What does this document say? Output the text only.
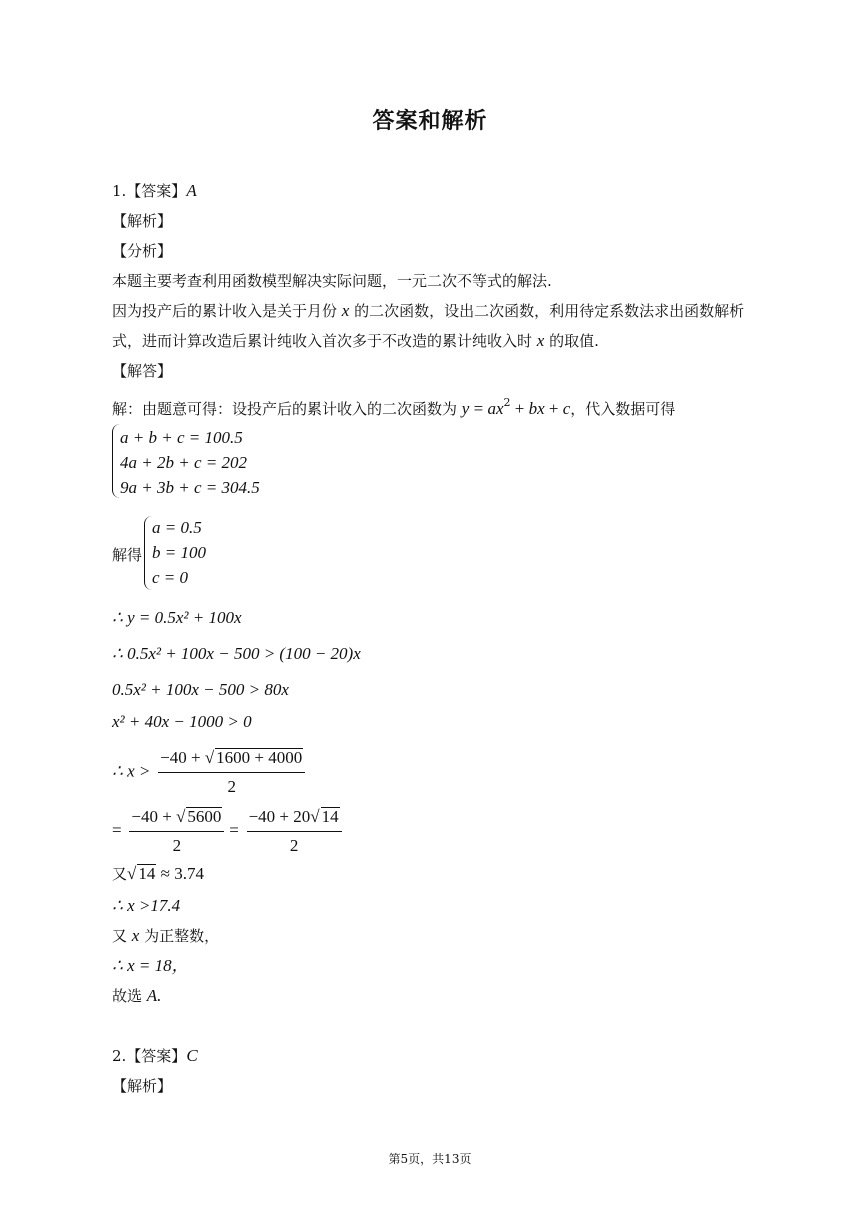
答案和解析
1.【答案】A
【解析】
【分析】
本题主要考查利用函数模型解决实际问题，一元二次不等式的解法.
因为投产后的累计收入是关于月份 x 的二次函数，设出二次函数，利用待定系数法求出函数解析
式，进而计算改造后累计纯收入首次多于不改造的累计纯收入时 x 的取值.
【解答】
解：由题意可得：设投产后的累计收入的二次函数为 $y = ax^2$ + bx + c，代入数据可得
a + b + c = 100.5
4a + 2b + c = 202
9a + 3b + c = 304.5
解得
a = 0.5
b = 100
c = 0
∴ y = 0.5x² + 100x
∴ 0.5x² + 100x − 500 > (100 − 20)x
0.5x² + 100x − 500 > 80x
x² + 40x − 1000 > 0
∴ $x > \frac{-40 + √ 1600 + 4000}{2}$
= $\frac{-40 + √ 5600}{2} = \frac{-40 + 20√ 14}{2}$
又√ 14 ≈ 3.74
∴ x >17.4
又 x 为正整数，
∴ x = 18，
故选 A.
2.【答案】C
【解析】
第5页，共13页
